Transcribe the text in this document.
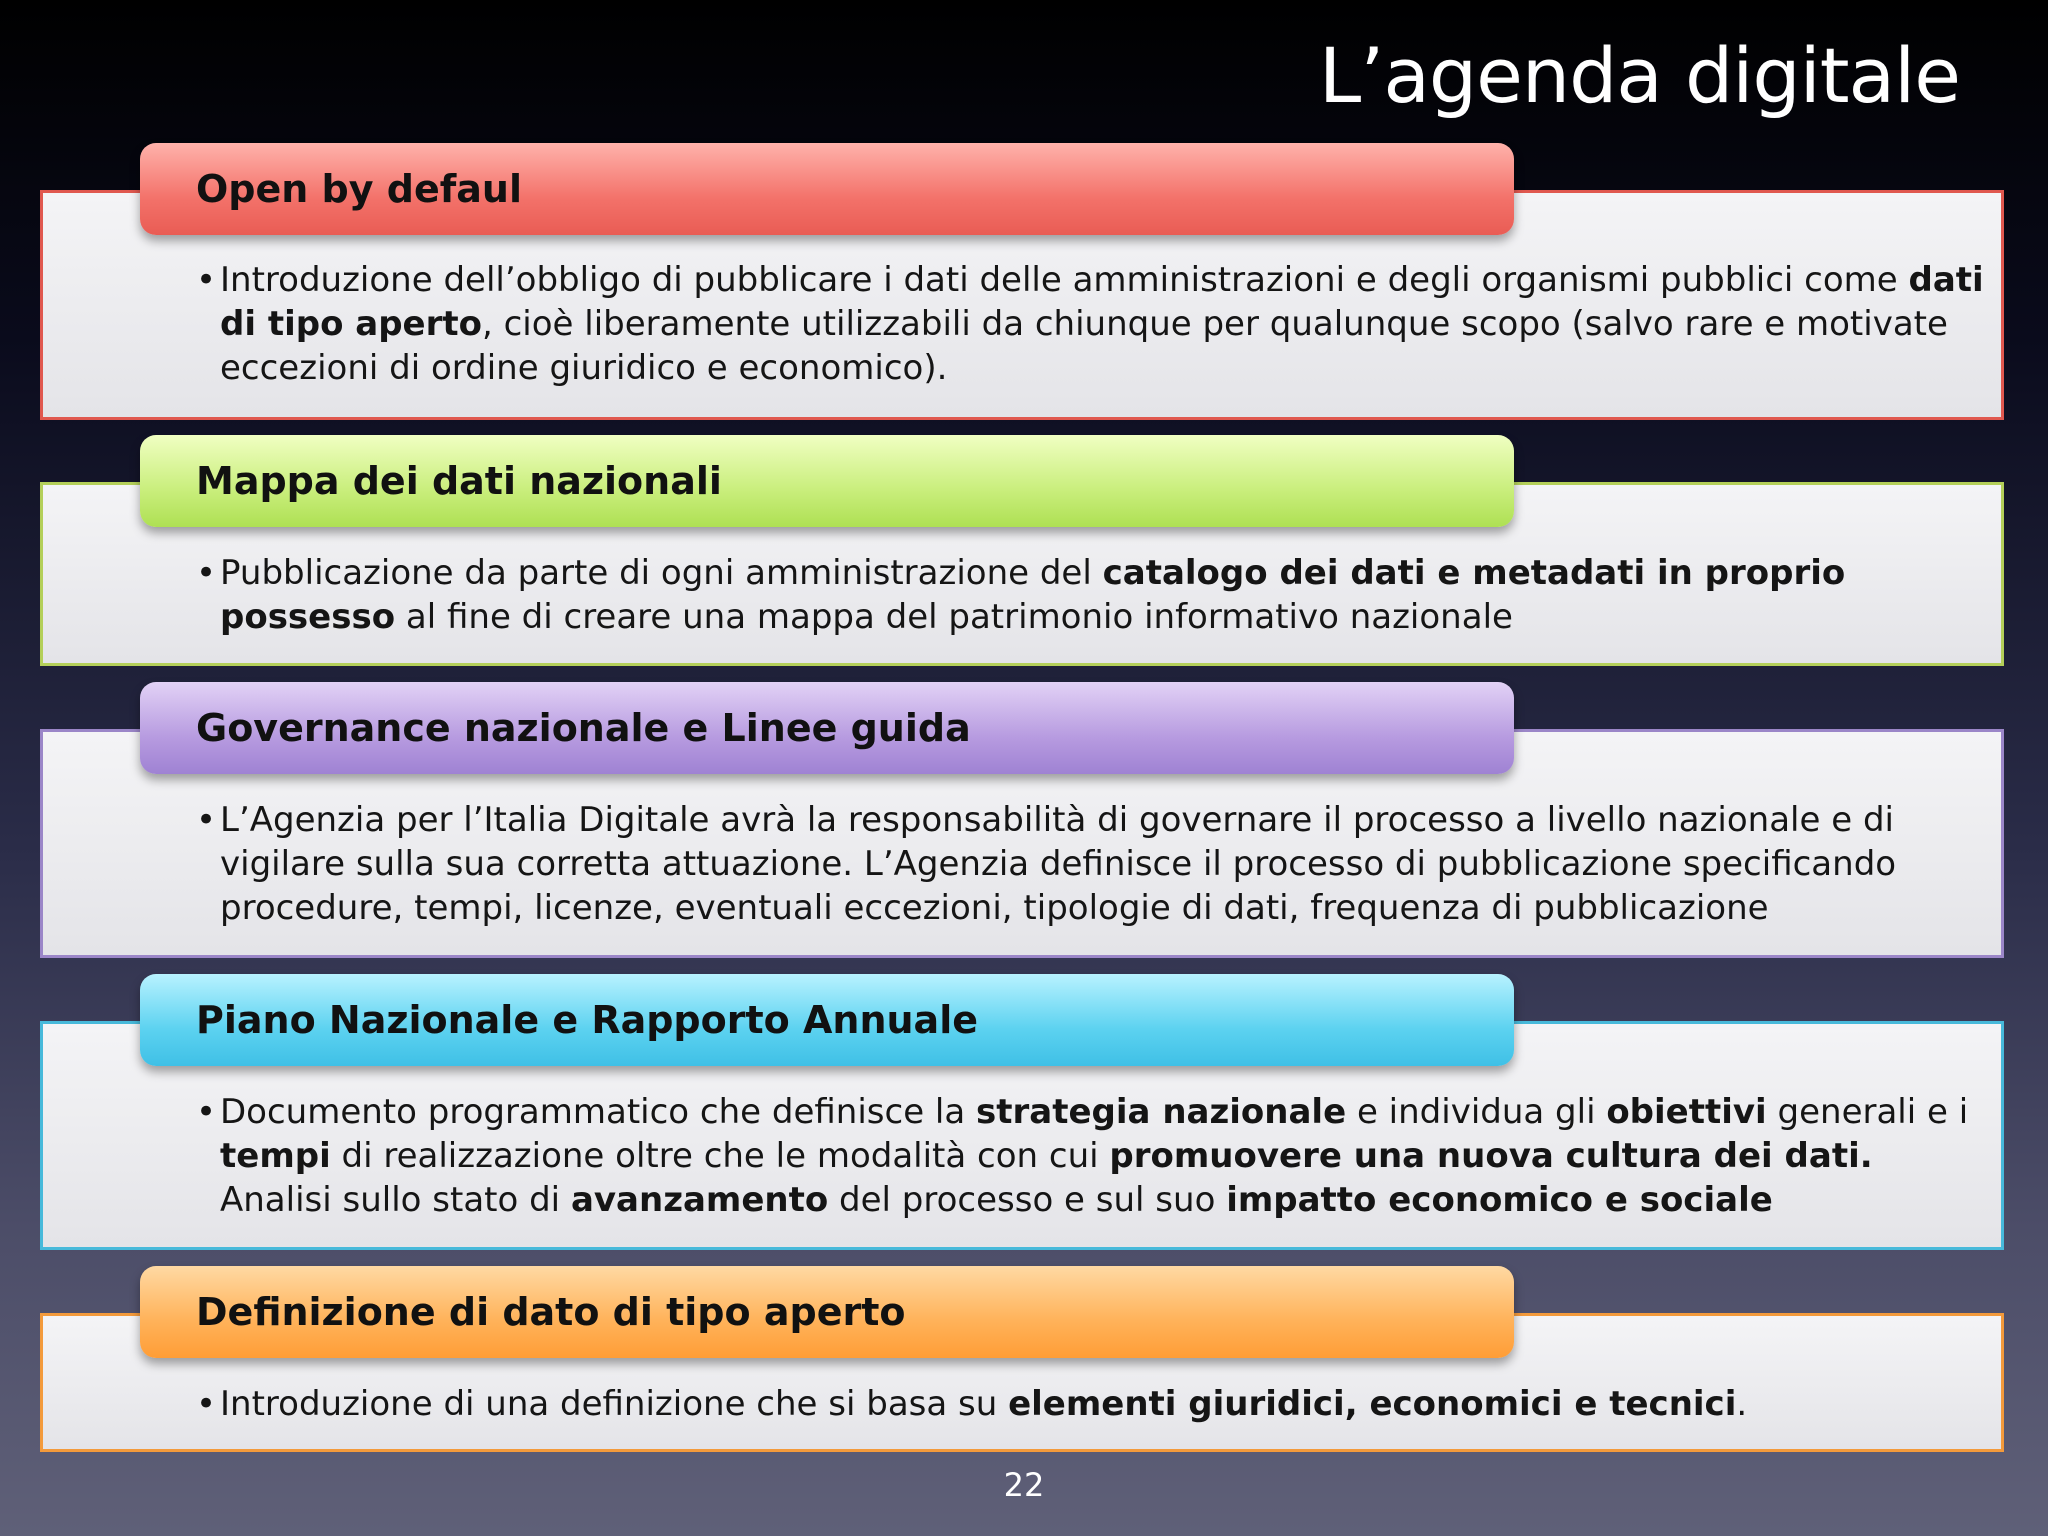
L’agenda digitale
Open by defaul
• Introduzione dell’obbligo di pubblicare i dati delle amministrazioni e degli organismi pubblici come dati di tipo aperto, cioè liberamente utilizzabili da chiunque per qualunque scopo (salvo rare e motivate eccezioni di ordine giuridico e economico).
Mappa dei dati nazionali
• Pubblicazione da parte di ogni amministrazione del catalogo dei dati e metadati in proprio possesso al fine di creare una mappa del patrimonio informativo nazionale
Governance nazionale e Linee guida
• L’Agenzia per l’Italia Digitale avrà la responsabilità di governare il processo a livello nazionale e di vigilare sulla sua corretta attuazione. L’Agenzia definisce il processo di pubblicazione specificando procedure, tempi, licenze, eventuali eccezioni, tipologie di dati, frequenza di pubblicazione
Piano Nazionale e Rapporto Annuale
• Documento programmatico che definisce la strategia nazionale e individua gli obiettivi generali e i tempi di realizzazione oltre che le modalità con cui promuovere una nuova cultura dei dati. Analisi sullo stato di avanzamento del processo e sul suo impatto economico e sociale
Definizione di dato di tipo aperto
• Introduzione di una definizione che si basa su elementi giuridici, economici e tecnici.
22
